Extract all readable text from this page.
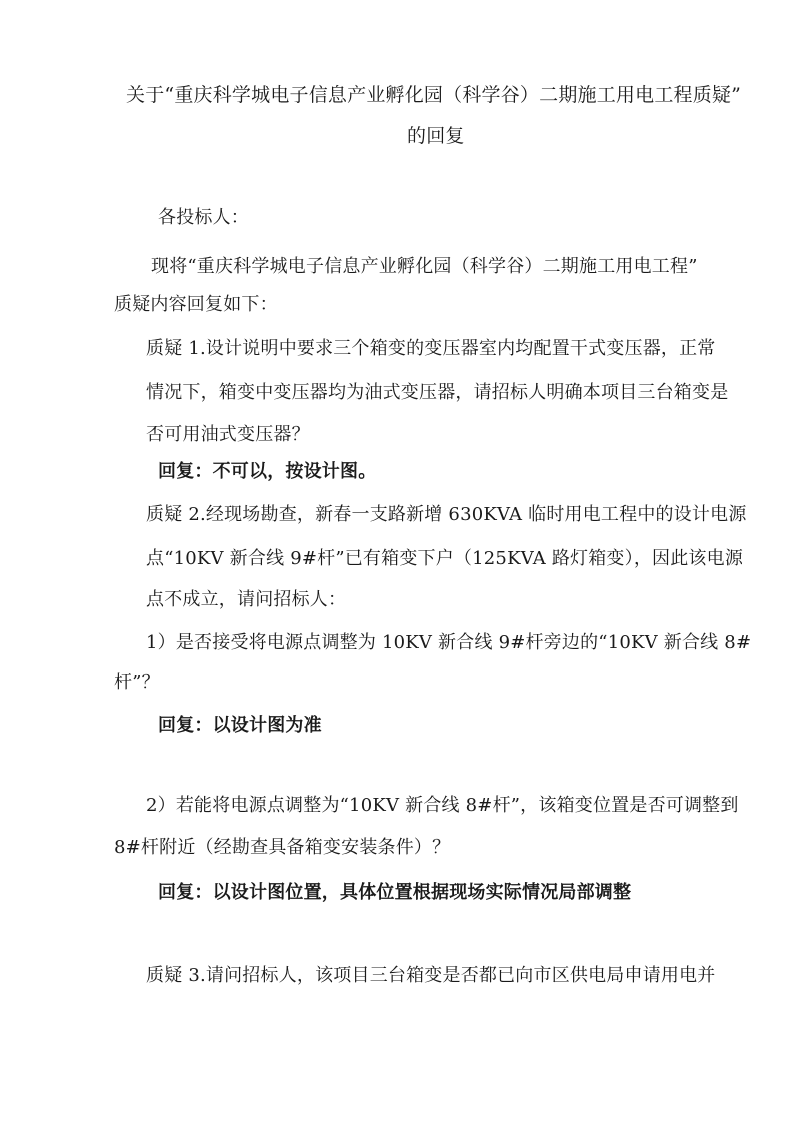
关于“重庆科学城电子信息产业孵化园（科学谷）二期施工用电工程质疑”
的回复
各投标人：
现将“重庆科学城电子信息产业孵化园（科学谷）二期施工用电工程”
质疑内容回复如下：
质疑 1.设计说明中要求三个箱变的变压器室内均配置干式变压器，正常
情况下，箱变中变压器均为油式变压器，请招标人明确本项目三台箱变是
否可用油式变压器？
回复：不可以，按设计图。
质疑 2.经现场勘查，新春一支路新增 630KVA 临时用电工程中的设计电源
点“10KV 新合线 9#杆”已有箱变下户（125KVA 路灯箱变），因此该电源
点不成立，请问招标人：
1）是否接受将电源点调整为 10KV 新合线 9#杆旁边的“10KV 新合线 8#
杆”？
回复：以设计图为准
2）若能将电源点调整为“10KV 新合线 8#杆”，该箱变位置是否可调整到
8#杆附近（经勘查具备箱变安装条件）？
回复：以设计图位置，具体位置根据现场实际情况局部调整
质疑 3.请问招标人，该项目三台箱变是否都已向市区供电局申请用电并
